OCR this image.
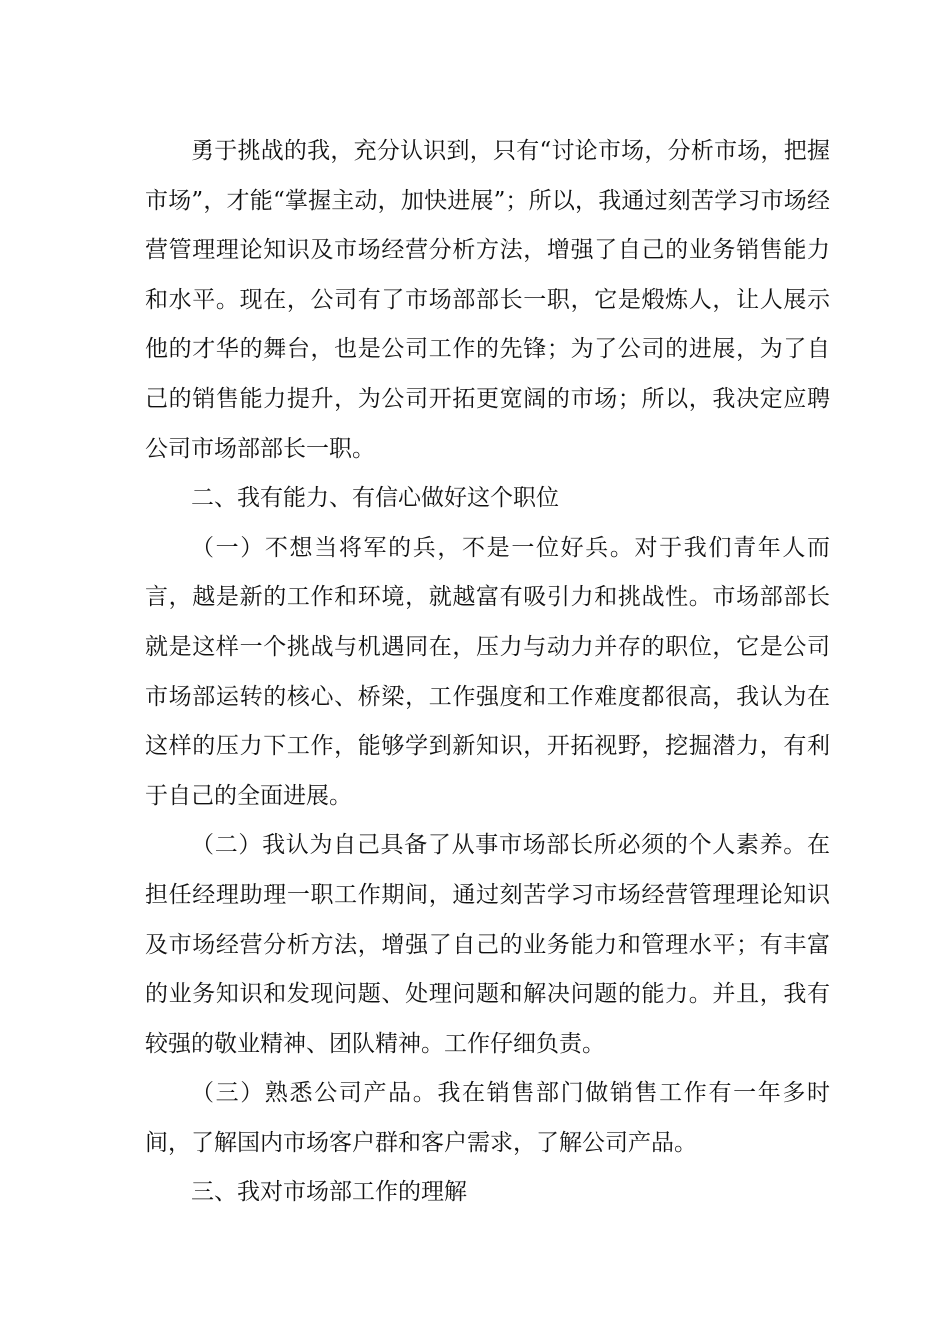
勇于挑战的我，充分认识到，只有“讨论市场，分析市场，把握市场”，才能“掌握主动，加快进展”；所以，我通过刻苦学习市场经营管理理论知识及市场经营分析方法，增强了自己的业务销售能力和水平。现在，公司有了市场部部长一职，它是煅炼人，让人展示他的才华的舞台，也是公司工作的先锋；为了公司的进展，为了自己的销售能力提升，为公司开拓更宽阔的市场；所以，我决定应聘公司市场部部长一职。

二、我有能力、有信心做好这个职位

（一）不想当将军的兵，不是一位好兵。对于我们青年人而言，越是新的工作和环境，就越富有吸引力和挑战性。市场部部长就是这样一个挑战与机遇同在，压力与动力并存的职位，它是公司市场部运转的核心、桥梁，工作强度和工作难度都很高，我认为在这样的压力下工作，能够学到新知识，开拓视野，挖掘潜力，有利于自己的全面进展。

（二）我认为自己具备了从事市场部长所必须的个人素养。在担任经理助理一职工作期间，通过刻苦学习市场经营管理理论知识及市场经营分析方法，增强了自己的业务能力和管理水平；有丰富的业务知识和发现问题、处理问题和解决问题的能力。并且，我有较强的敬业精神、团队精神。工作仔细负责。

（三）熟悉公司产品。我在销售部门做销售工作有一年多时间，了解国内市场客户群和客户需求，了解公司产品。

三、我对市场部工作的理解
